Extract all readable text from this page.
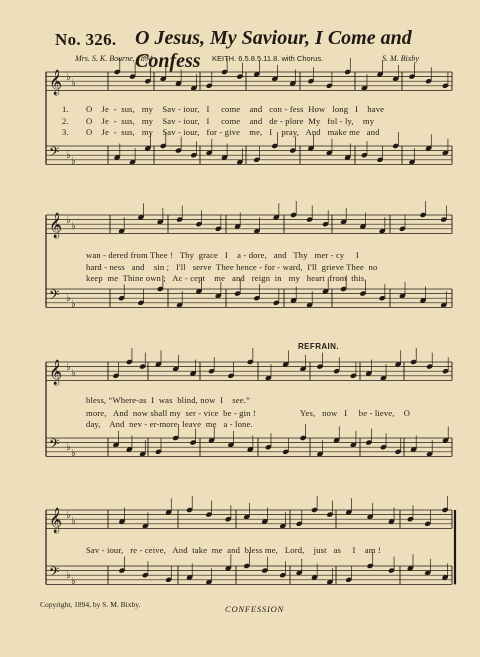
No. 326. O Jesus, My Saviour, I Come and Confess
Mrs. S. K. Bourne, 1894	KEITH. 6.5.8.5.11.8. with Chorus.	S. M. Bixby
𝄞 ♭
♭
𝄢 ♭
♭
𝄞 ♭
♭
𝄢 ♭
♭
𝄞 ♭
♭
𝄢 ♭
♭
𝄞 ♭
♭
𝄢 ♭
♭
1.
2.
3.
O    Je  -  sus,   my    Sav - iour,   I     come    and   con - fess  How   long   I    have
O    Je  -  sus,   my    Sav - iour,   I     come    and   de - plore  My   fol - ly,    my
O    Je  -  sus,   my    Sav - iour,   for - give    me,   I    pray,   And   make me   and
wan - dered from Thee !   Thy  grace   I    a - dore,   and   Thy   mer - cy     I
hard - ness   and    sin ;   I'll   serve  Thee hence - for - ward,  I'll  grieve Thee  no
keep  me  Thine own ;   Ac - cept    me   and   reign  in   my   heart  from  this
REFRAIN.
bless, “Where-as  I  was  blind, now  I    see.”
more,   And  now shall my  ser - vice  be - gin !
day,    And  nev - er-more  leave  me   a - lone.
Yes,   now   I     be - lieve,    O
Sav - iour,   re - ceive,   And  take  me  and  bless me,   Lord,    just   as     I    am !
Copyright, 1894, by S. M. Bixby.	CONFESSION
